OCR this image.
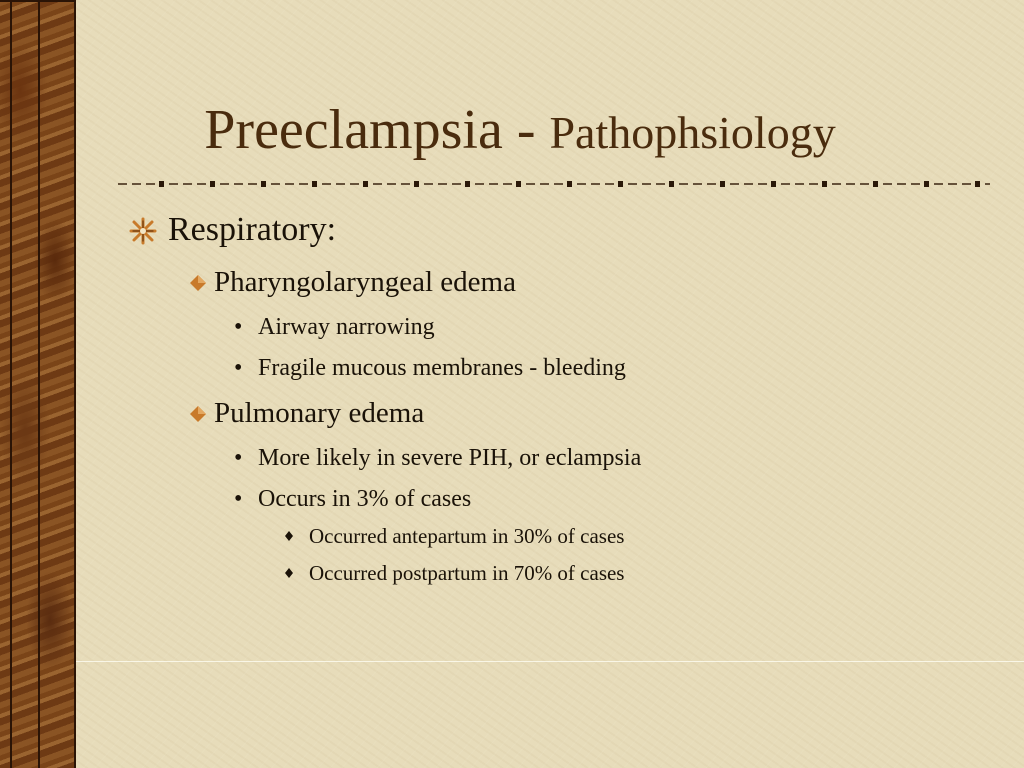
Preeclampsia - Pathophsiology
Respiratory:
Pharyngolaryngeal edema
• Airway narrowing
• Fragile mucous membranes - bleeding
Pulmonary edema
• More likely in severe PIH, or eclampsia
• Occurs in 3% of cases
Occurred antepartum in 30% of cases
Occurred postpartum in 70% of cases
